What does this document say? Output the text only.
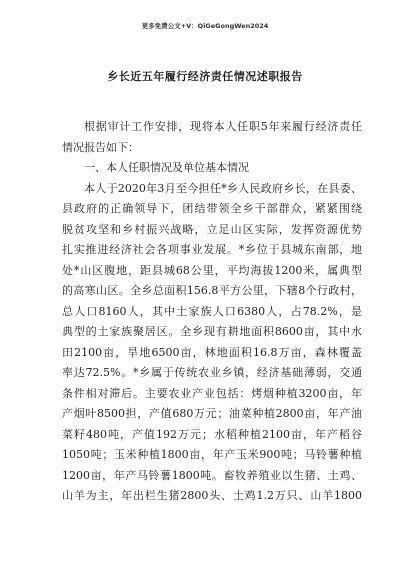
更多免费公文+V：QiGeGongWen2024
乡长近五年履行经济责任情况述职报告
根据审计工作安排，现将本人任职5年来履行经济责任
情况报告如下：
一、本人任职情况及单位基本情况
本人于2020年3月至今担任*乡人民政府乡长，在县委、
县政府的正确领导下，团结带领全乡干部群众，紧紧围绕
脱贫攻坚和乡村振兴战略，立足山区实际，发挥资源优势
扎实推进经济社会各项事业发展。*乡位于县城东南部，地
处*山区腹地，距县城68公里，平均海拔1200米，属典型
的高寒山区。全乡总面积156.8平方公里，下辖8个行政村，
总人口8160人，其中土家族人口6380人，占78.2%，是
典型的土家族聚居区。全乡现有耕地面积8600亩，其中水
田2100亩，旱地6500亩，林地面积16.8万亩，森林覆盖
率达72.5%。*乡属于传统农业乡镇，经济基础薄弱，交通
条件相对滞后。主要农业产业包括：烤烟种植3200亩，年
产烟叶8500担，产值680万元；油菜种植2800亩，年产油
菜籽480吨，产值192万元；水稻种植2100亩，年产稻谷
1050吨；玉米种植1800亩，年产玉米900吨；马铃薯种植
1200亩，年产马铃薯1800吨。畜牧养殖业以生猪、土鸡、
山羊为主，年出栏生猪2800头、土鸡1.2万只、山羊1800
